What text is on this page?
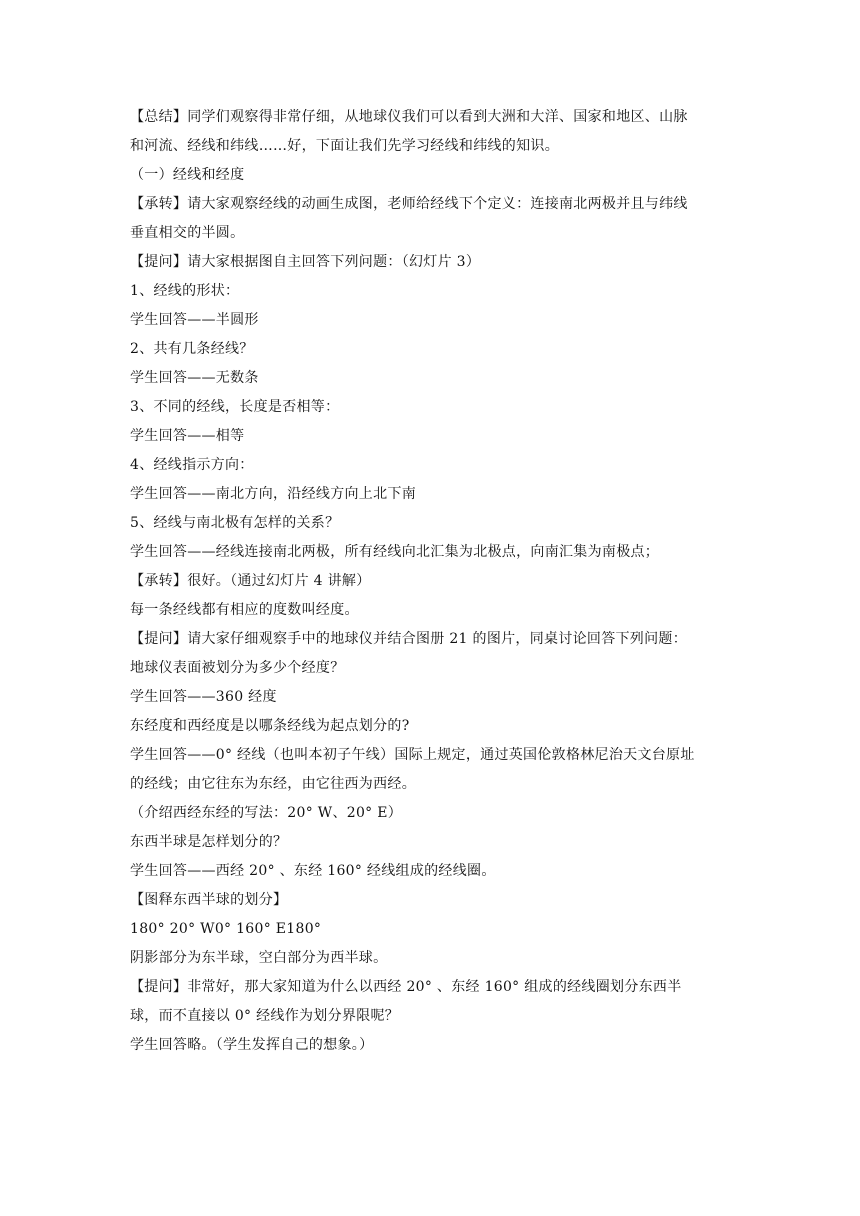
【总结】同学们观察得非常仔细，从地球仪我们可以看到大洲和大洋、国家和地区、山脉
和河流、经线和纬线……好，下面让我们先学习经线和纬线的知识。
（一）经线和经度
【承转】请大家观察经线的动画生成图，老师给经线下个定义：连接南北两极并且与纬线
垂直相交的半圆。
【提问】请大家根据图自主回答下列问题：（幻灯片 3）
1、经线的形状：
学生回答——半圆形
2、共有几条经线？
学生回答——无数条
3、不同的经线，长度是否相等：
学生回答——相等
4、经线指示方向：
学生回答——南北方向，沿经线方向上北下南
5、经线与南北极有怎样的关系？
学生回答——经线连接南北两极，所有经线向北汇集为北极点，向南汇集为南极点；
【承转】很好。（通过幻灯片 4 讲解）
每一条经线都有相应的度数叫经度。
【提问】请大家仔细观察手中的地球仪并结合图册 21 的图片，同桌讨论回答下列问题：
地球仪表面被划分为多少个经度？
学生回答——360 经度
东经度和西经度是以哪条经线为起点划分的?
学生回答——0° 经线（也叫本初子午线）国际上规定，通过英国伦敦格林尼治天文台原址
的经线；由它往东为东经，由它往西为西经。
（介绍西经东经的写法：20° W、20° E）
东西半球是怎样划分的？
学生回答——西经 20° 、东经 160° 经线组成的经线圈。
【图释东西半球的划分】
180° 20° W0° 160° E180°
阴影部分为东半球，空白部分为西半球。
【提问】非常好，那大家知道为什么以西经 20° 、东经 160° 组成的经线圈划分东西半
球，而不直接以 0° 经线作为划分界限呢？
学生回答略。（学生发挥自己的想象。）
